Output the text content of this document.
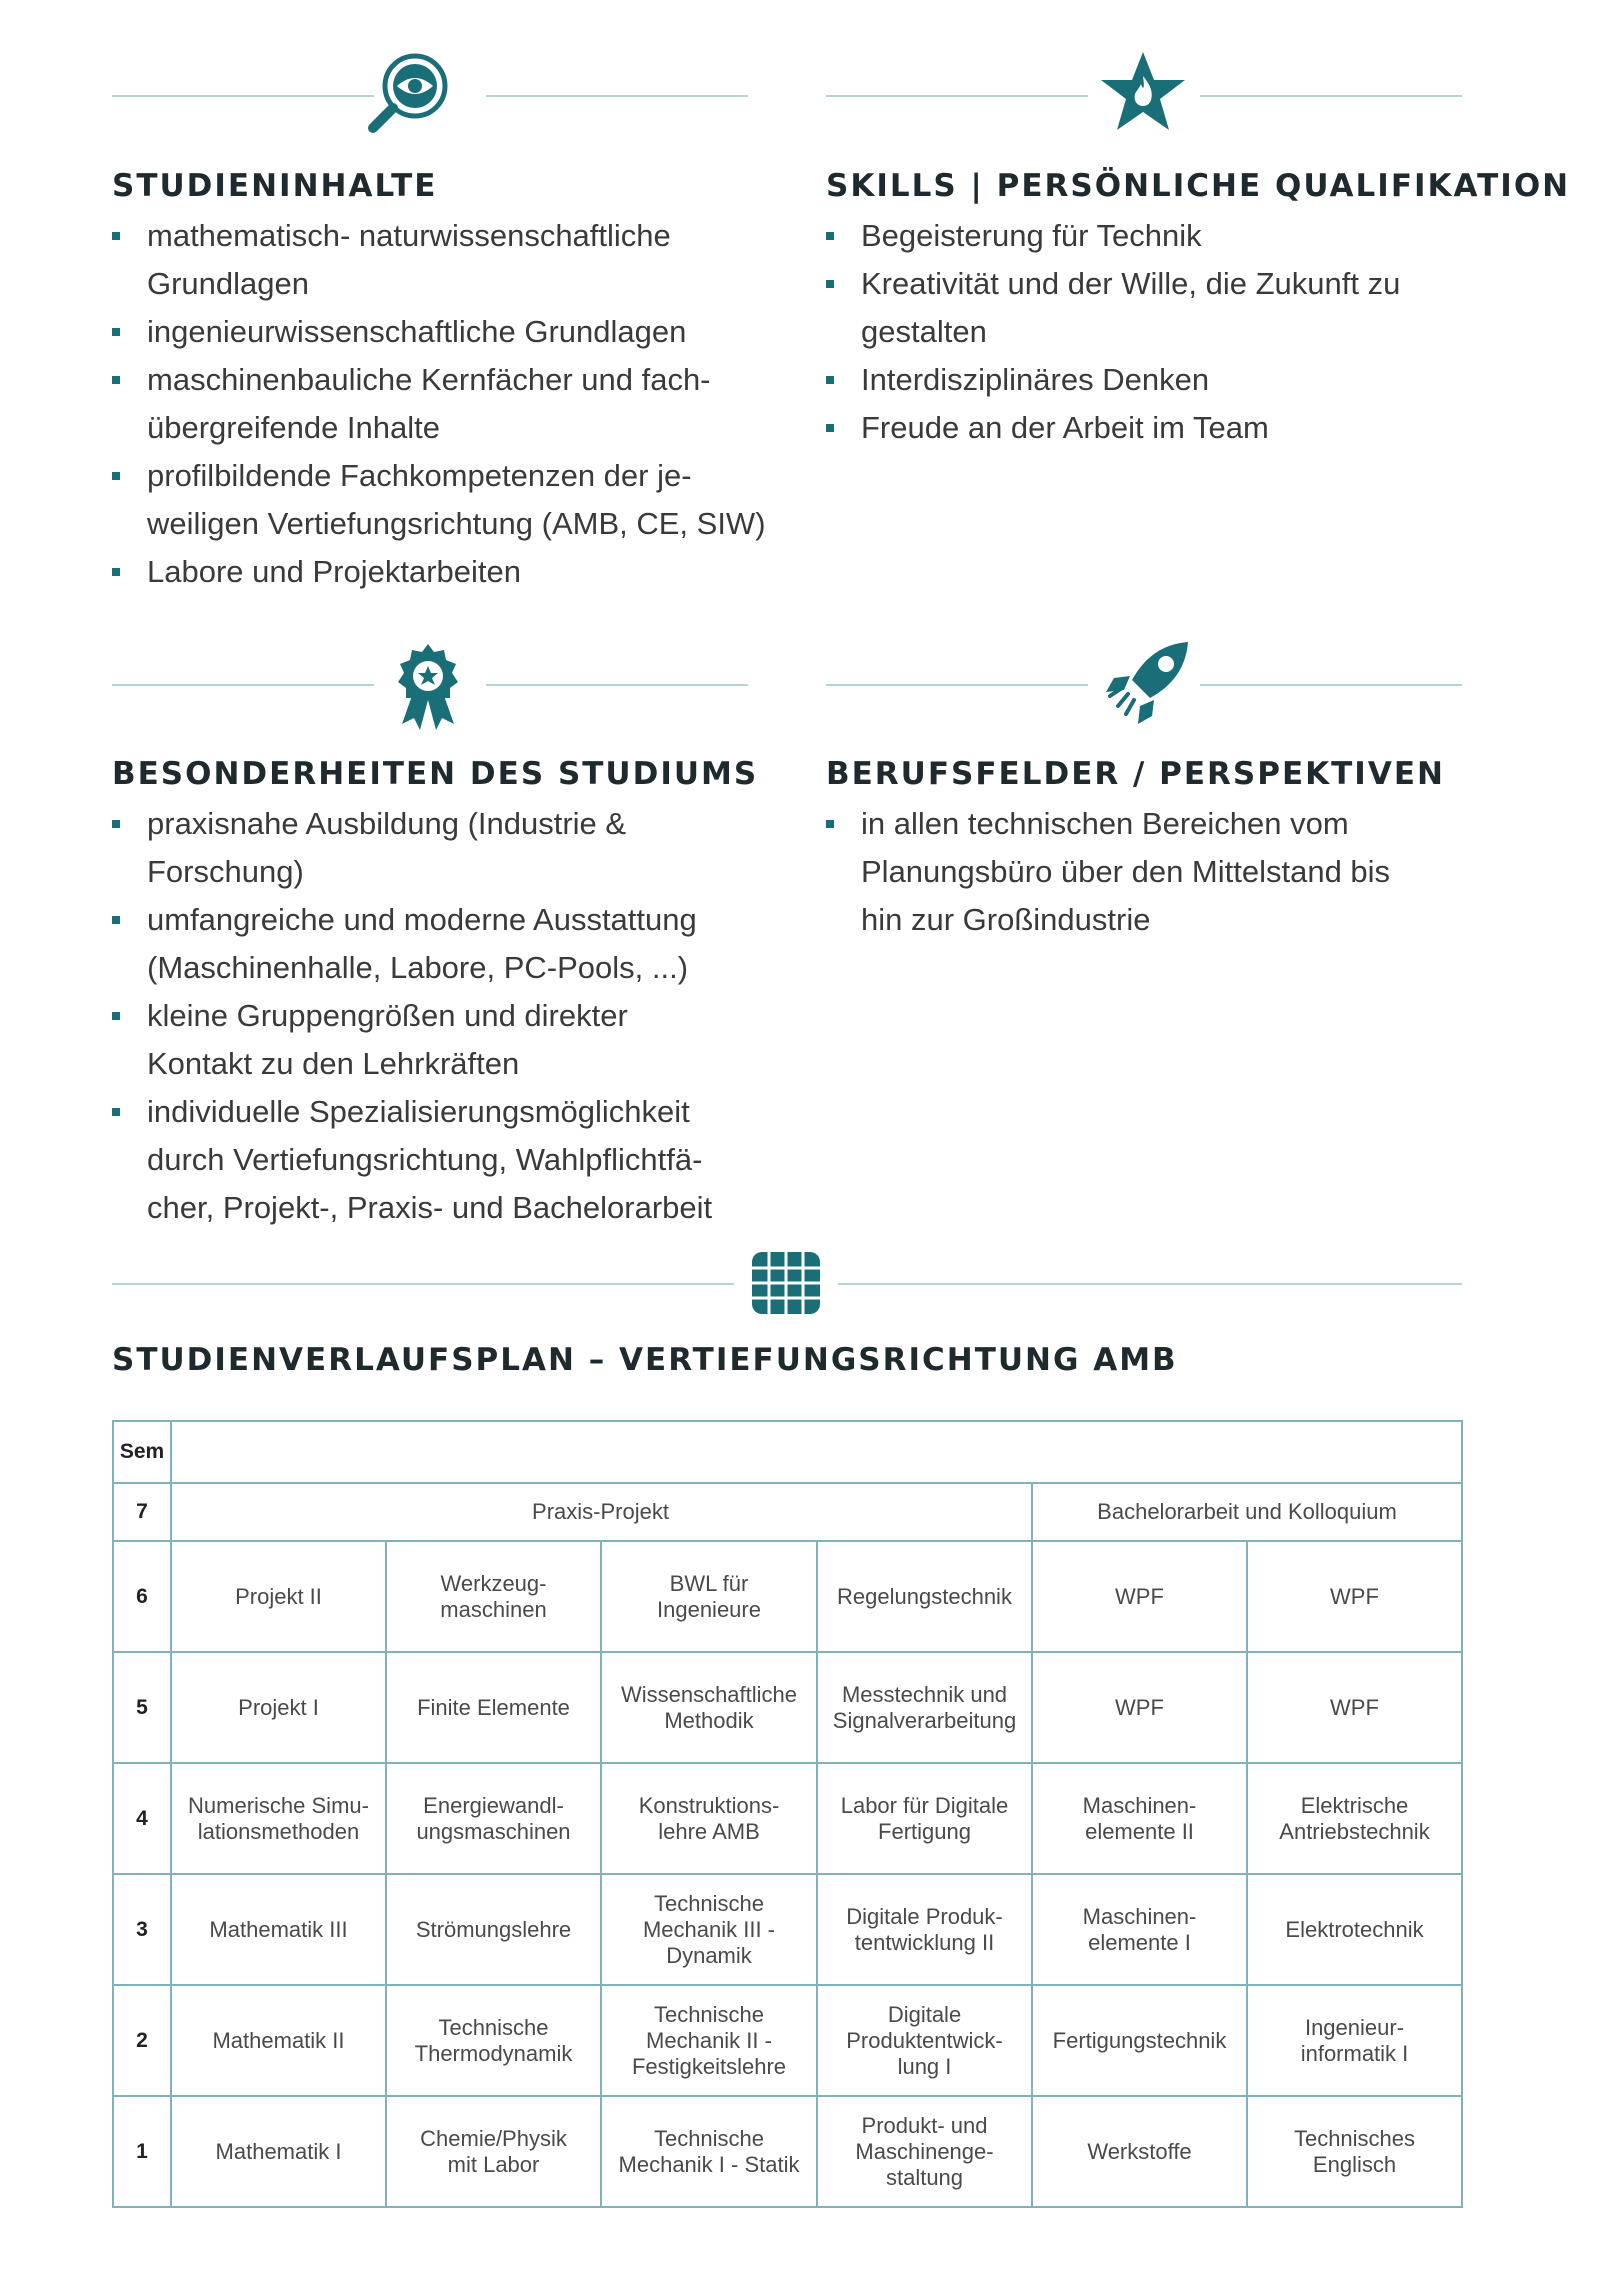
STUDIENINHALTE
mathematisch- naturwissenschaftliche
Grundlagen
ingenieurwissenschaftliche Grundlagen
maschinenbauliche Kernfächer und fach-
übergreifende Inhalte
profilbildende Fachkompetenzen der je-
weiligen Vertiefungsrichtung (AMB, CE, SIW)
Labore und Projektarbeiten
SKILLS | PERSÖNLICHE QUALIFIKATION
Begeisterung für Technik
Kreativität und der Wille, die Zukunft zu
gestalten
Interdisziplinäres Denken
Freude an der Arbeit im Team
BESONDERHEITEN DES STUDIUMS
praxisnahe Ausbildung (Industrie &
Forschung)
umfangreiche und moderne Ausstattung
(Maschinenhalle, Labore, PC-Pools, ...)
kleine Gruppengrößen und direkter
Kontakt zu den Lehrkräften
individuelle Spezialisierungsmöglichkeit
durch Vertiefungsrichtung, Wahlpflichtfä-
cher, Projekt-, Praxis- und Bachelorarbeit
BERUFSFELDER / PERSPEKTIVEN
in allen technischen Bereichen vom
Planungsbüro über den Mittelstand bis
hin zur Großindustrie
STUDIENVERLAUFSPLAN – VERTIEFUNGSRICHTUNG AMB
Sem						
7	Praxis-Projekt				Bachelorarbeit und Kolloquium	
6	Projekt II	Werkzeug-
maschinen	BWL für
Ingenieure	Regelungstechnik	WPF	WPF
5	Projekt I	Finite Elemente	Wissenschaftliche
Methodik	Messtechnik und
Signalverarbeitung	WPF	WPF
4	Numerische Simu-
lationsmethoden	Energiewandl-
ungsmaschinen	Konstruktions-
lehre AMB	Labor für Digitale
Fertigung	Maschinen-
elemente II	Elektrische
Antriebstechnik
3	Mathematik III	Strömungslehre	Technische
Mechanik III -
Dynamik	Digitale Produk-
tentwicklung II	Maschinen-
elemente I	Elektrotechnik
2	Mathematik II	Technische
Thermodynamik	Technische
Mechanik II -
Festigkeitslehre	Digitale
Produktentwick-
lung I	Fertigungstechnik	Ingenieur-
informatik I
1	Mathematik I	Chemie/Physik
mit Labor	Technische
Mechanik I - Statik	Produkt- und
Maschinenge-
staltung	Werkstoffe	Technisches
Englisch
